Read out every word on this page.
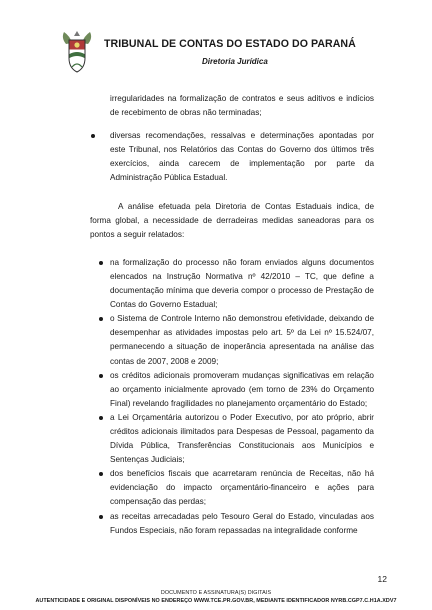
TRIBUNAL DE CONTAS DO ESTADO DO PARANÁ
Diretoria Jurídica

irregularidades na formalização de contratos e seus aditivos e indícios de recebimento de obras não terminadas;

diversas recomendações, ressalvas e determinações apontadas por este Tribunal, nos Relatórios das Contas do Governo dos últimos três exercícios, ainda carecem de implementação por parte da Administração Pública Estadual.

A análise efetuada pela Diretoria de Contas Estaduais indica, de forma global, a necessidade de derradeiras medidas saneadoras para os pontos a seguir relatados:

na formalização do processo não foram enviados alguns documentos elencados na Instrução Normativa nº 42/2010 – TC, que define a documentação mínima que deveria compor o processo de Prestação de Contas do Governo Estadual;
o Sistema de Controle Interno não demonstrou efetividade, deixando de desempenhar as atividades impostas pelo art. 5º da Lei nº 15.524/07, permanecendo a situação de inoperância apresentada na análise das contas de 2007, 2008 e 2009;
os créditos adicionais promoveram mudanças significativas em relação ao orçamento inicialmente aprovado (em torno de 23% do Orçamento Final) revelando fragilidades no planejamento orçamentário do Estado;
a Lei Orçamentária autorizou o Poder Executivo, por ato próprio, abrir créditos adicionais ilimitados para Despesas de Pessoal, pagamento da Dívida Pública, Transferências Constitucionais aos Municípios e Sentenças Judiciais;
dos benefícios fiscais que acarretaram renúncia de Receitas, não há evidenciação do impacto orçamentário-financeiro e ações para compensação das perdas;
as receitas arrecadadas pelo Tesouro Geral do Estado, vinculadas aos Fundos Especiais, não foram repassadas na integralidade conforme
12
DOCUMENTO E ASSINATURA(S) DIGITAIS
AUTENTICIDADE E ORIGINAL DISPONÍVEIS NO ENDEREÇO WWW.TCE.PR.GOV.BR, MEDIANTE IDENTIFICADOR NYRB.CGP7.C.H1A.XDV7
